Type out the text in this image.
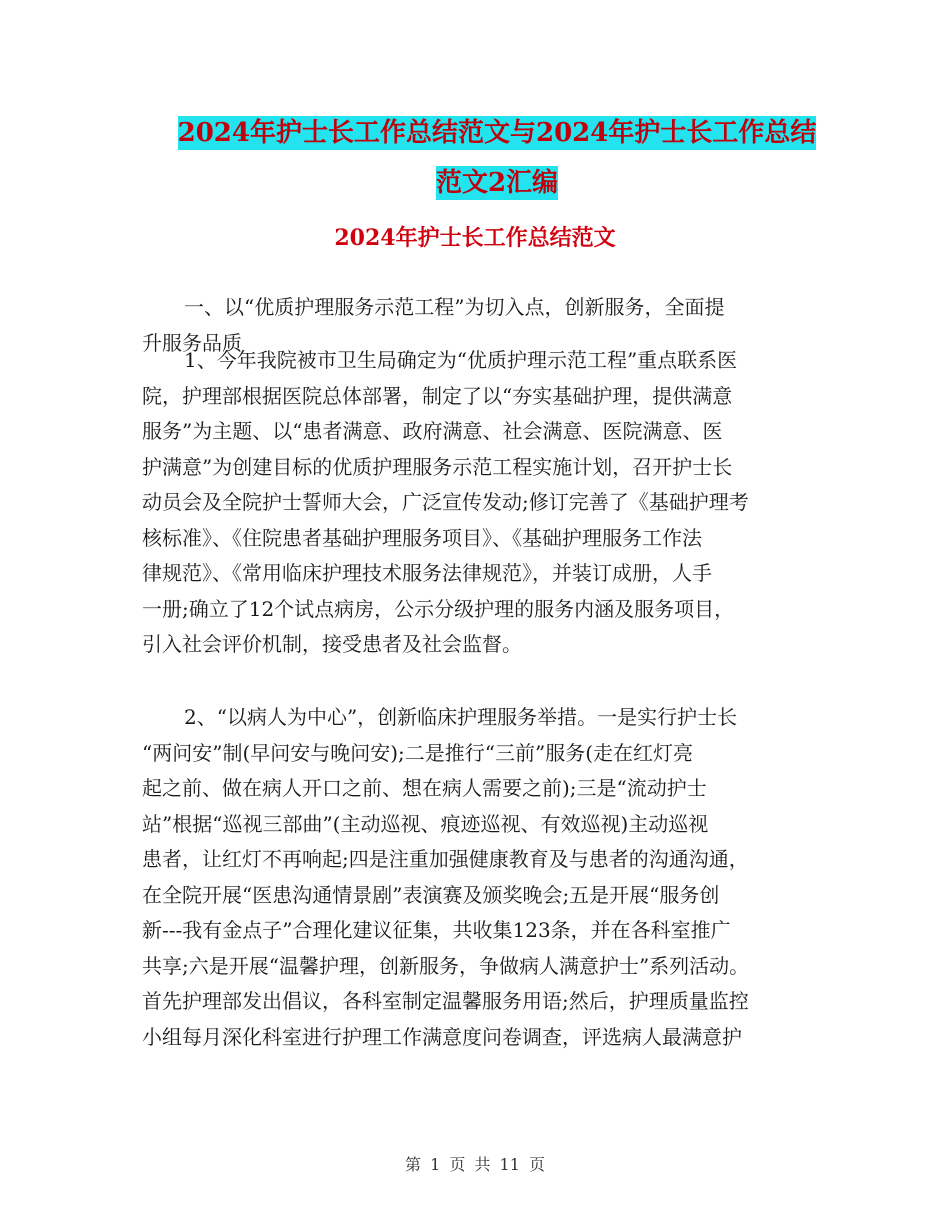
2024年护士长工作总结范文与2024年护士长工作总结
范文2汇编
2024年护士长工作总结范文
一、以“优质护理服务示范工程”为切入点，创新服务，全面提
升服务品质
1、今年我院被市卫生局确定为“优质护理示范工程”重点联系医
院，护理部根据医院总体部署，制定了以“夯实基础护理，提供满意
服务”为主题、以“患者满意、政府满意、社会满意、医院满意、医
护满意”为创建目标的优质护理服务示范工程实施计划，召开护士长
动员会及全院护士誓师大会，广泛宣传发动;修订完善了《基础护理考
核标准》、《住院患者基础护理服务项目》、《基础护理服务工作法
律规范》、《常用临床护理技术服务法律规范》，并装订成册，人手
一册;确立了12个试点病房，公示分级护理的服务内涵及服务项目，
引入社会评价机制，接受患者及社会监督。
2、“以病人为中心”，创新临床护理服务举措。一是实行护士长
“两问安”制(早问安与晚问安);二是推行“三前”服务(走在红灯亮
起之前、做在病人开口之前、想在病人需要之前);三是“流动护士
站”根据“巡视三部曲”(主动巡视、痕迹巡视、有效巡视)主动巡视
患者，让红灯不再响起;四是注重加强健康教育及与患者的沟通沟通，
在全院开展“医患沟通情景剧”表演赛及颁奖晚会;五是开展“服务创
新---我有金点子”合理化建议征集，共收集123条，并在各科室推广
共享;六是开展“温馨护理，创新服务，争做病人满意护士”系列活动。
首先护理部发出倡议，各科室制定温馨服务用语;然后，护理质量监控
小组每月深化科室进行护理工作满意度问卷调查，评选病人最满意护
第 1 页 共 11 页
